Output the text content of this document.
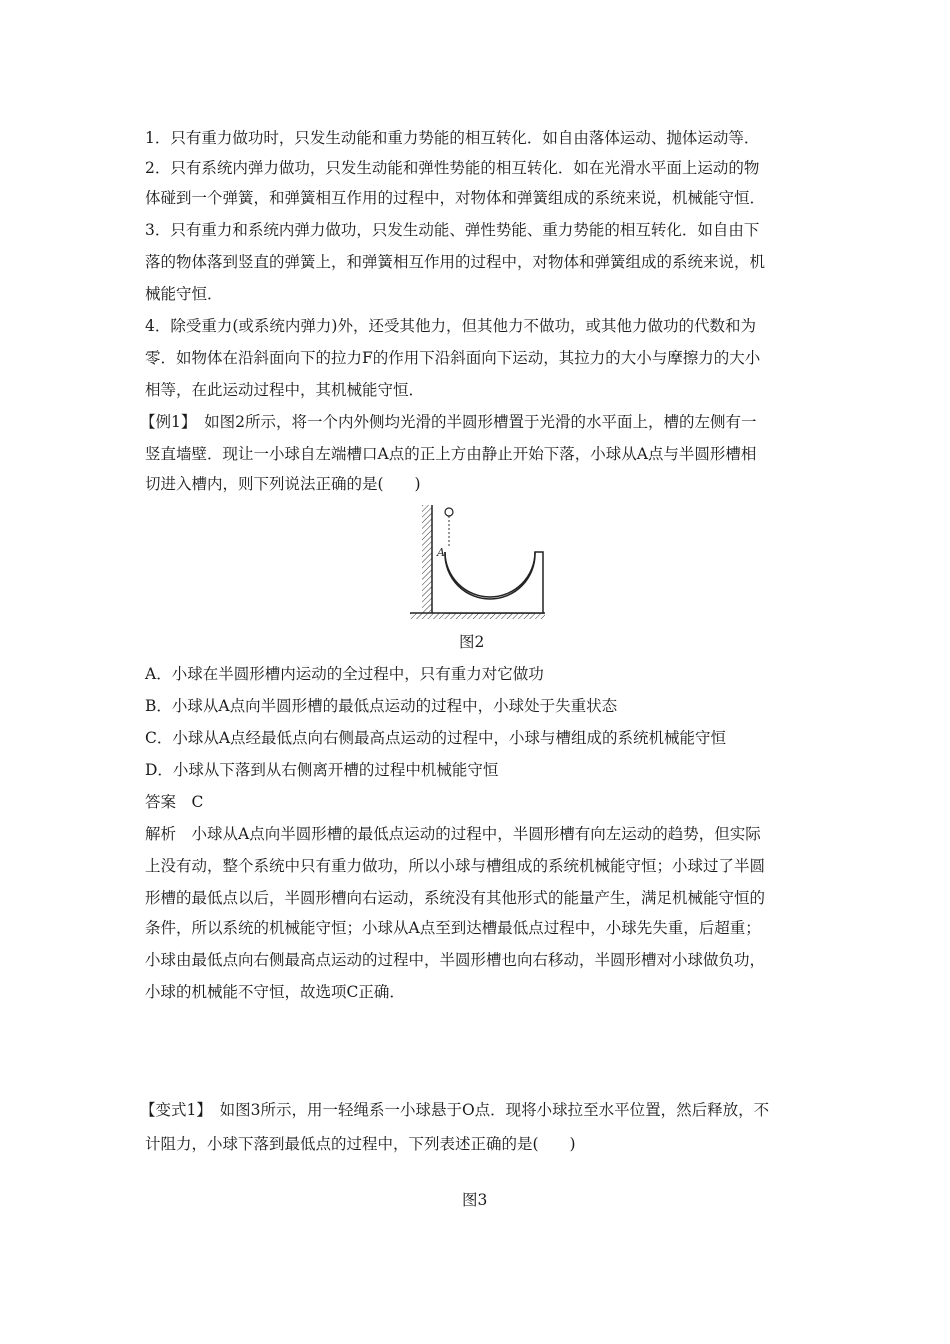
1．只有重力做功时，只发生动能和重力势能的相互转化．如自由落体运动、抛体运动等．
2．只有系统内弹力做功，只发生动能和弹性势能的相互转化．如在光滑水平面上运动的物
体碰到一个弹簧，和弹簧相互作用的过程中，对物体和弹簧组成的系统来说，机械能守恒．
3．只有重力和系统内弹力做功，只发生动能、弹性势能、重力势能的相互转化．如自由下
落的物体落到竖直的弹簧上，和弹簧相互作用的过程中，对物体和弹簧组成的系统来说，机
械能守恒．
4．除受重力(或系统内弹力)外，还受其他力，但其他力不做功，或其他力做功的代数和为
零．如物体在沿斜面向下的拉力F的作用下沿斜面向下运动，其拉力的大小与摩擦力的大小
相等，在此运动过程中，其机械能守恒．
【例1】　如图2所示，将一个内外侧均光滑的半圆形槽置于光滑的水平面上，槽的左侧有一
竖直墙壁．现让一小球自左端槽口A点的正上方由静止开始下落，小球从A点与半圆形槽相
切进入槽内，则下列说法正确的是(　　)
A
图2
A．小球在半圆形槽内运动的全过程中，只有重力对它做功
B．小球从A点向半圆形槽的最低点运动的过程中，小球处于失重状态
C．小球从A点经最低点向右侧最高点运动的过程中，小球与槽组成的系统机械能守恒
D．小球从下落到从右侧离开槽的过程中机械能守恒
答案　C
解析　小球从A点向半圆形槽的最低点运动的过程中，半圆形槽有向左运动的趋势，但实际
上没有动，整个系统中只有重力做功，所以小球与槽组成的系统机械能守恒；小球过了半圆
形槽的最低点以后，半圆形槽向右运动，系统没有其他形式的能量产生，满足机械能守恒的
条件，所以系统的机械能守恒；小球从A点至到达槽最低点过程中，小球先失重，后超重；
小球由最低点向右侧最高点运动的过程中，半圆形槽也向右移动，半圆形槽对小球做负功，
小球的机械能不守恒，故选项C正确．
【变式1】　如图3所示，用一轻绳系一小球悬于O点．现将小球拉至水平位置，然后释放，不
计阻力，小球下落到最低点的过程中，下列表述正确的是(　　)
图3
